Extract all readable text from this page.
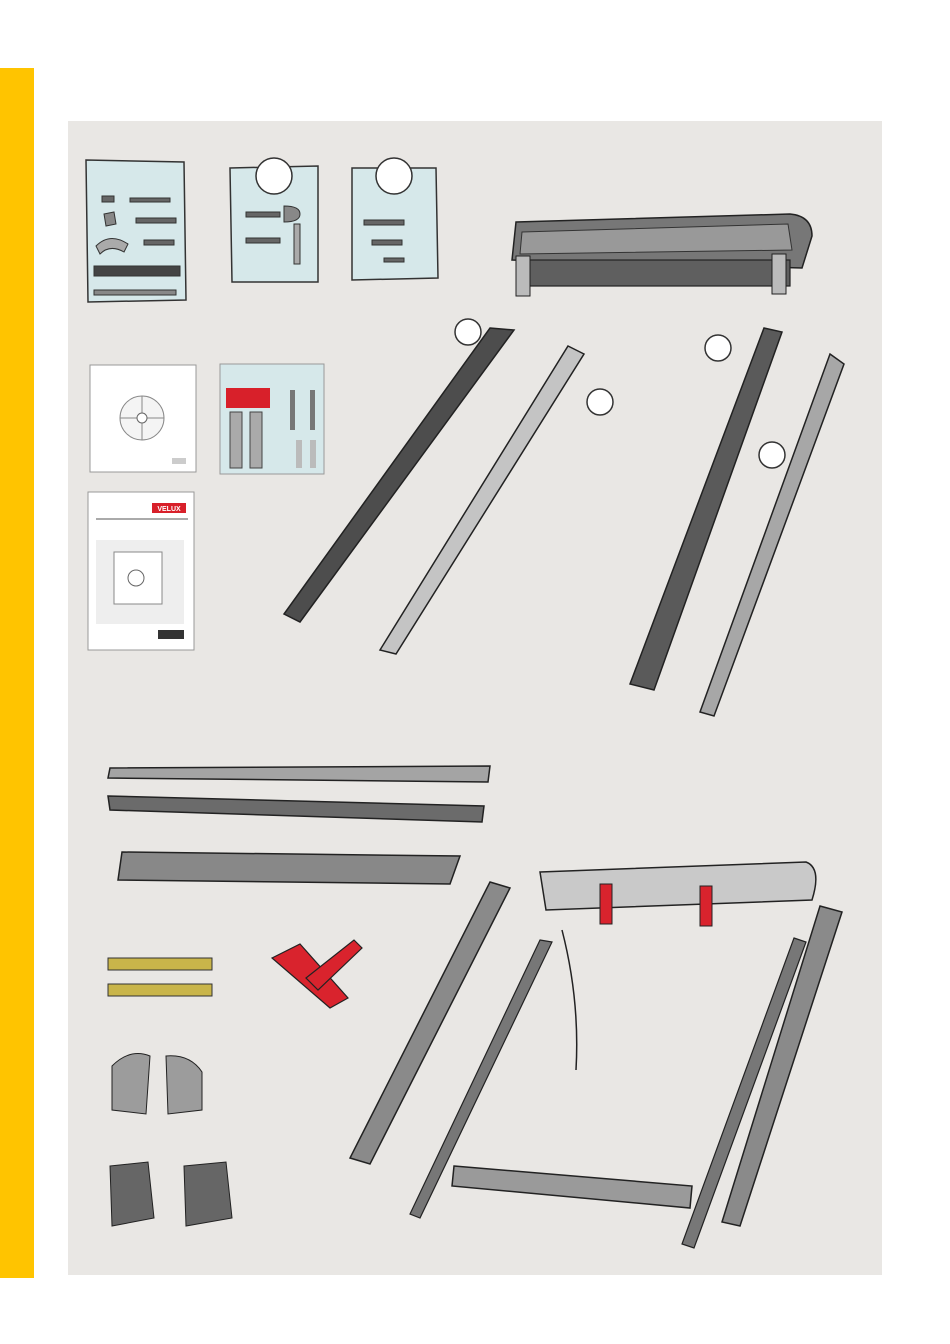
VELUX
